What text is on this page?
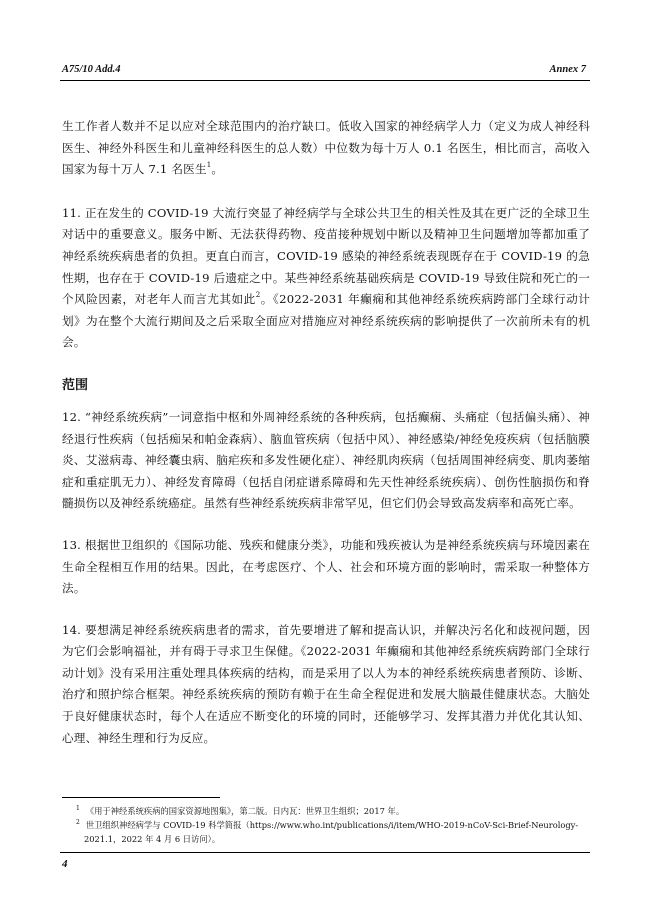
A75/10 Add.4	Annex 7

生工作者人数并不足以应对全球范围内的治疗缺口。低收入国家的神经病学人力（定义为成人神经科医生、神经外科医生和儿童神经科医生的总人数）中位数为每十万人 0.1 名医生，相比而言，高收入国家为每十万人 7.1 名医生$^1$。

11. 正在发生的 COVID-19 大流行突显了神经病学与全球公共卫生的相关性及其在更广泛的全球卫生对话中的重要意义。服务中断、无法获得药物、疫苗接种规划中断以及精神卫生问题增加等都加重了神经系统疾病患者的负担。更直白而言，COVID-19 感染的神经系统表现既存在于 COVID-19 的急性期，也存在于 COVID-19 后遗症之中。某些神经系统基础疾病是 COVID-19 导致住院和死亡的一个风险因素，对老年人而言尤其如此$^2$。《2022-2031 年癫痫和其他神经系统疾病跨部门全球行动计划》为在整个大流行期间及之后采取全面应对措施应对神经系统疾病的影响提供了一次前所未有的机会。

范围

12. “神经系统疾病”一词意指中枢和外周神经系统的各种疾病，包括癫痫、头痛症（包括偏头痛）、神经退行性疾病（包括痴呆和帕金森病）、脑血管疾病（包括中风）、神经感染/神经免疫疾病（包括脑膜炎、艾滋病毒、神经囊虫病、脑疟疾和多发性硬化症）、神经肌肉疾病（包括周围神经病变、肌肉萎缩症和重症肌无力）、神经发育障碍（包括自闭症谱系障碍和先天性神经系统疾病）、创伤性脑损伤和脊髓损伤以及神经系统癌症。虽然有些神经系统疾病非常罕见，但它们仍会导致高发病率和高死亡率。

13. 根据世卫组织的《国际功能、残疾和健康分类》，功能和残疾被认为是神经系统疾病与环境因素在生命全程相互作用的结果。因此，在考虑医疗、个人、社会和环境方面的影响时，需采取一种整体方法。

14. 要想满足神经系统疾病患者的需求，首先要增进了解和提高认识，并解决污名化和歧视问题，因为它们会影响福祉，并有碍于寻求卫生保健。《2022-2031 年癫痫和其他神经系统疾病跨部门全球行动计划》没有采用注重处理具体疾病的结构，而是采用了以人为本的神经系统疾病患者预防、诊断、治疗和照护综合框架。神经系统疾病的预防有赖于在生命全程促进和发展大脑最佳健康状态。大脑处于良好健康状态时，每个人在适应不断变化的环境的同时，还能够学习、发挥其潜力并优化其认知、心理、神经生理和行为反应。

$^1$ 《用于神经系统疾病的国家资源地图集》，第二版。日内瓦：世界卫生组织；2017 年。

$^2$ 世卫组织神经病学与 COVID-19 科学简报（https://www.who.int/publications/i/item/WHO-2019-nCoV-Sci-Brief-Neurology-2021.1，2022 年 4 月 6 日访问）。

4
